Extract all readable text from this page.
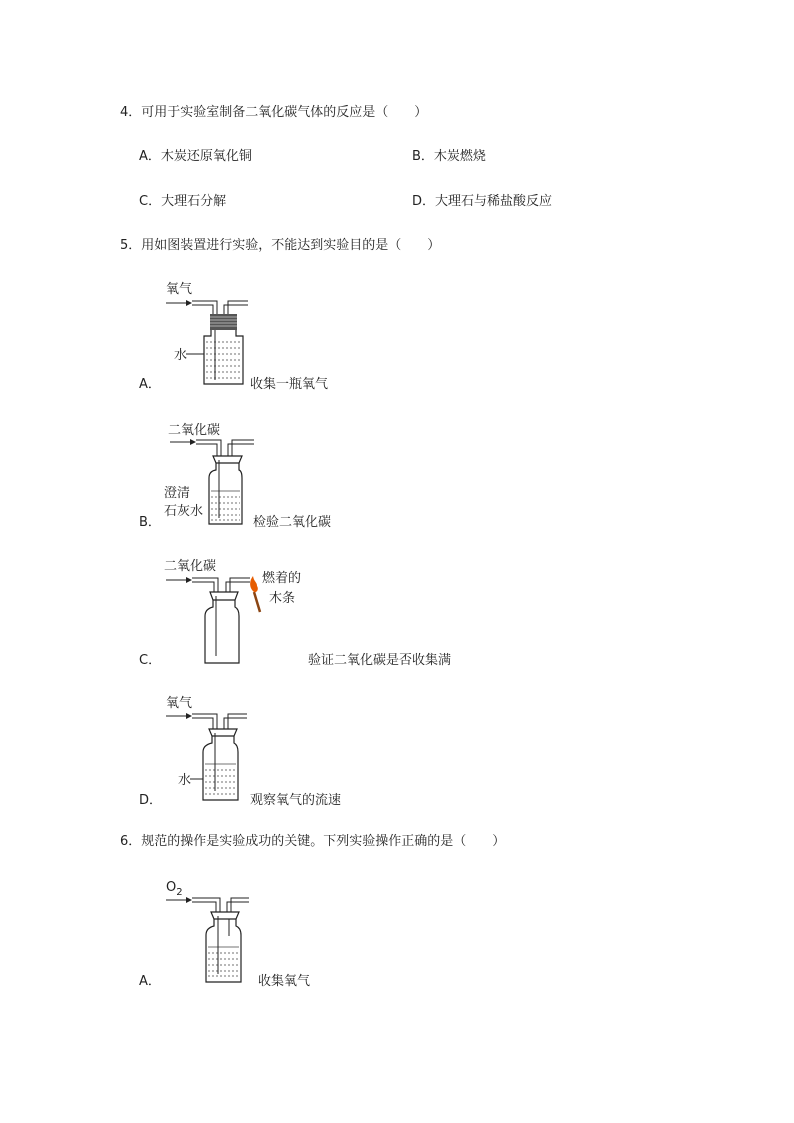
4．可用于实验室制备二氧化碳气体的反应是（　　）
A．木炭还原氧化铜	B．木炭燃烧
C．大理石分解	D．大理石与稀盐酸反应
5．用如图装置进行实验，不能达到实验目的是（　　）
氧气
水
A．	收集一瓶氧气
二氧化碳
澄清
石灰水
B．	检验二氧化碳
二氧化碳
燃着的
木条
C．	验证二氧化碳是否收集满
氧气
水
D．	观察氧气的流速
6．规范的操作是实验成功的关键。下列实验操作正确的是（　　）
$O_2$
A．	收集氧气
